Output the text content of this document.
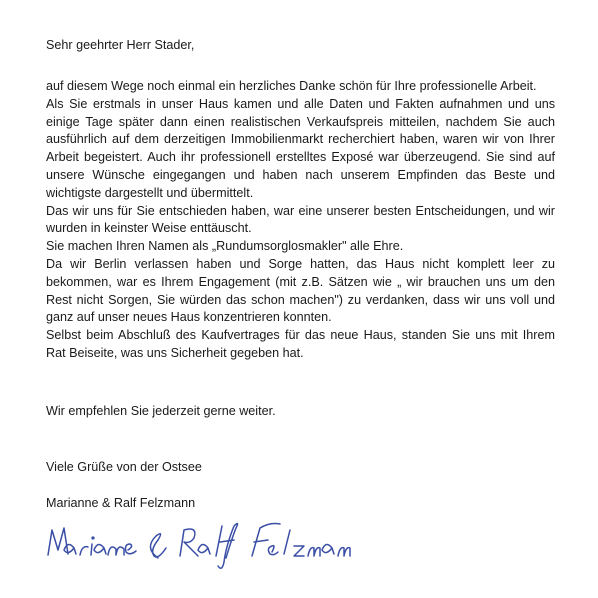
Sehr geehrter Herr Stader,

auf diesem Wege noch einmal ein herzliches Danke schön für Ihre professionelle Arbeit.

Als Sie erstmals in unser Haus kamen und alle Daten und Fakten aufnahmen und uns einige Tage später dann einen realistischen Verkaufspreis mitteilen, nachdem Sie auch ausführlich auf dem derzeitigen Immobilienmarkt recherchiert haben, waren wir von Ihrer Arbeit begeistert. Auch ihr professionell erstelltes Exposé war überzeugend. Sie sind auf unsere Wünsche eingegangen und haben nach unserem Empfinden das Beste und wichtigste dargestellt und übermittelt.

Das wir uns für Sie entschieden haben, war eine unserer besten Entscheidungen, und wir wurden in keinster Weise enttäuscht.

Sie machen Ihren Namen als „Rundumsorglosmakler" alle Ehre.

Da wir Berlin verlassen haben und Sorge hatten, das Haus nicht komplett leer zu bekommen, war es Ihrem Engagement (mit z.B. Sätzen wie „ wir brauchen uns um den Rest nicht Sorgen, Sie würden das schon machen") zu verdanken, dass wir uns voll und ganz auf unser neues Haus konzentrieren konnten.

Selbst beim Abschluß des Kaufvertrages für das neue Haus, standen Sie uns mit Ihrem Rat Beiseite, was uns Sicherheit gegeben hat.

Wir empfehlen Sie jederzeit gerne weiter.
Viele Grüße von der Ostsee
Marianne & Ralf Felzmann
